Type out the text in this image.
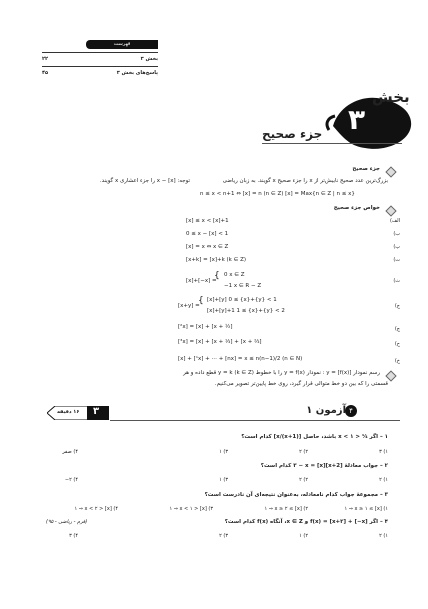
فهرست
بخش ۳
۲۲
پاسخ‌های بخش ۳
۴۵
بخش
۳
جزء صحیح
جزء صحیح
بزرگ‌ترین عدد صحیح نابیش‌تر از x را جزء صحیح x گویند. به زبان ریاضی
n ≤ x < n+1 ⇔ [x] = n (n ∈ Z) [x] = Max{n ∈ Z | n ≤ x}
توجه: x − [x] را جزء اعشاری x گویند.
خواص جزء صحیح
الف)
[x] ≤ x < [x]+1
ب)
0 ≤ x − [x] < 1
پ)
[x] = x ⇔ x ∈ Z
ت)
[x+k] = [x]+k (k ∈ Z)
ث)
[x]+[−x] =
{ 0 x ∈ Z
−1 x ∈ R − Z
ج)
[x+y] =
{ [x]+[y] 0 ≤ {x}+{y} < 1
[x]+[y]+1 1 ≤ {x}+{y} < 2
چ)
[²x] = [x] + [x + ½]
ح)
[³x] = [x] + [x + ⅓] + [x + ⅔]
خ)
[x] + [ⁿx] + ⋯ + [nx] = x ≤ n(n−1)/2 (n ∈ N)
رسم نمودار y = [f(x)] : نمودار y = f(x) را با خطوط y = k (k ∈ Z) قطع داده و هر
قسمتی را که بین دو خط متوالی قرار گیرد، روی خط پایین‌تر تصویر می‌کنیم.
۴
آزمون ۱
۱۶ دقیقه ۳
۱ – اگر ¹⁄₄ < x < ۱ باشد، حاصل [(x+1)/x] کدام است؟
۱) ۳
۲) ۲
۳) ۱
۴) صفر
۲ – جواب معادلهٔ [x+2][x] = ۳ − x کدام است؟
۱) ۲
۲) ۲
۳) ۱
۴) ۲−
۳ – مجموعهٔ جواب کدام نامعادله، به‌عنوان نتیجه‌ای آن نادرست است؟
۱) [x] ≥ ۱ ⇒ x ≥ ۱
۲) [x] ≥ ۱ ⇒ x ≥ ۲
۳) [x] < ۱ ⇒ x < ۱
۴) [x] < ۱ ⇒ x < ۲
۴ – اگر f(x) = [x+۲] + [−x] و x ∈ Z، آنگاه f(x) کدام است؟
(فرم - ریاضی - ۹۵)
۱) ۲
۲) ۱
۳) ۲
۴) ۳
